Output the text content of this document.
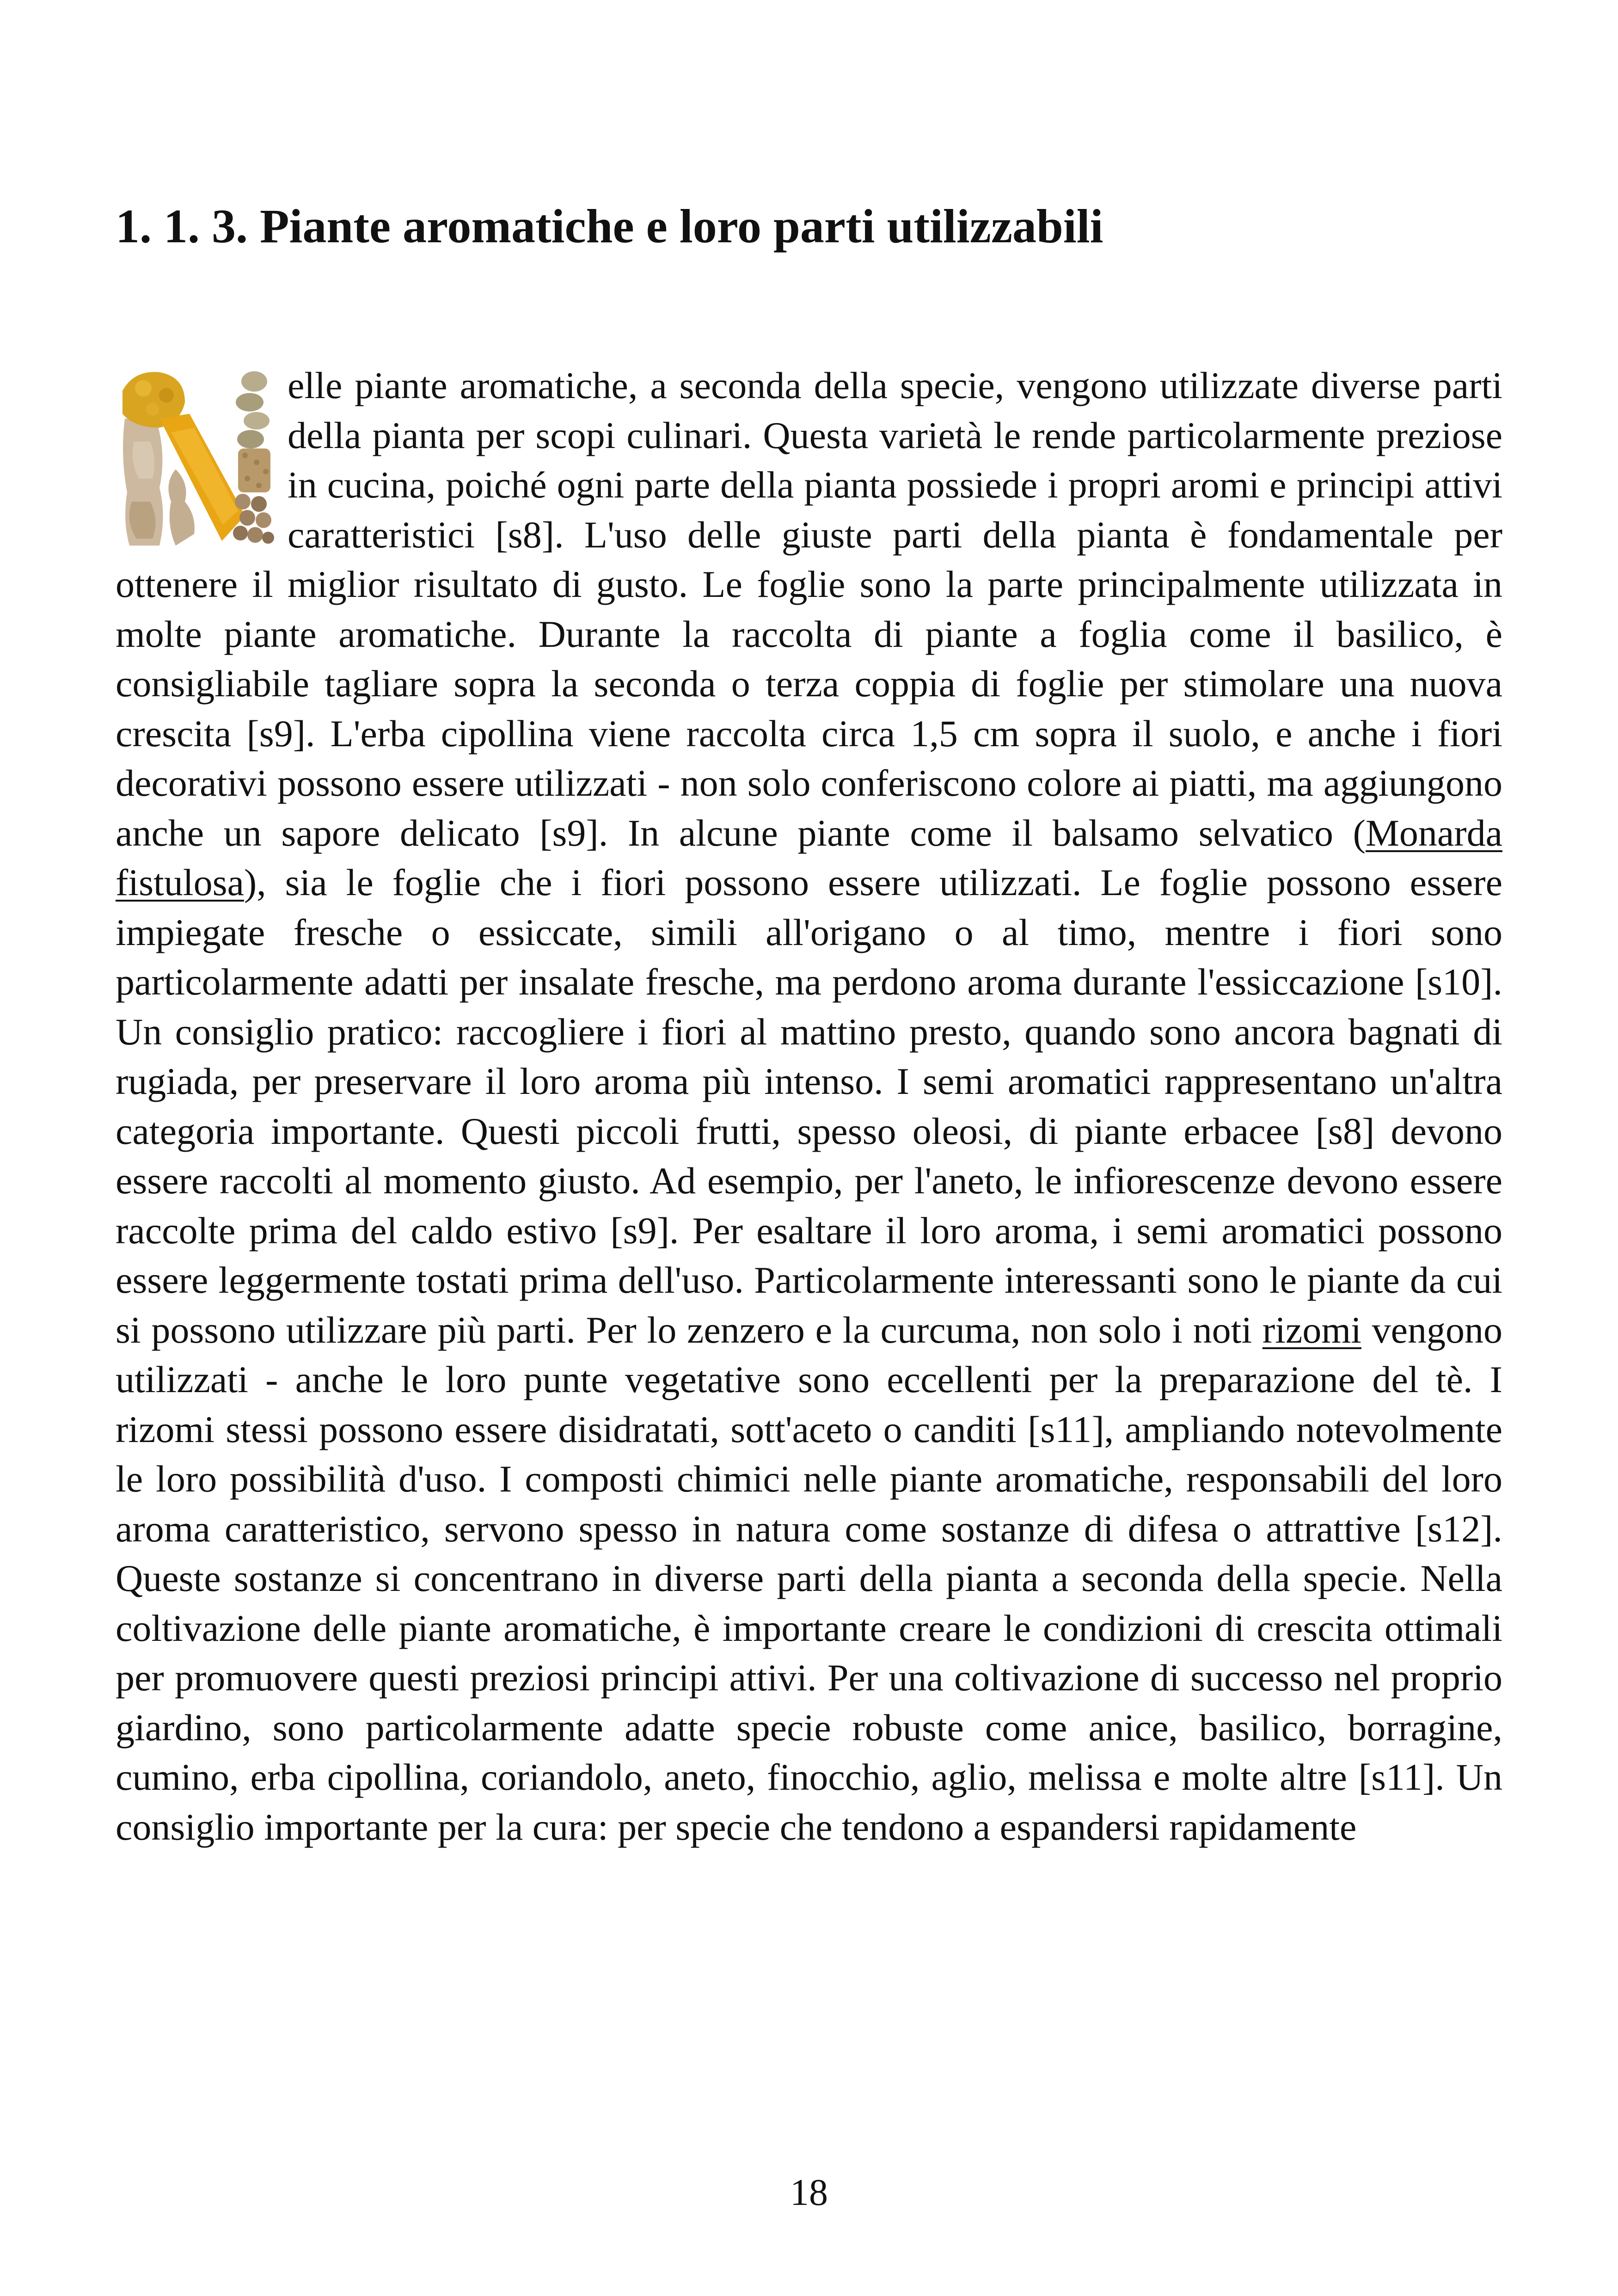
1. 1. 3. Piante aromatiche e loro parti utilizzabili
elle piante aromatiche, a seconda della specie, vengono utilizzate diverse parti della pianta per scopi culinari. Questa varietà le rende particolarmente preziose in cucina, poiché ogni parte della pianta possiede i propri aromi e principi attivi caratteristici [s8]. L'uso delle giuste parti della pianta è fondamentale per ottenere il miglior risultato di gusto. Le foglie sono la parte principalmente utilizzata in molte piante aromatiche. Durante la raccolta di piante a foglia come il basilico, è consigliabile tagliare sopra la seconda o terza coppia di foglie per stimolare una nuova crescita [s9]. L'erba cipollina viene raccolta circa 1,5 cm sopra il suolo, e anche i fiori decorativi possono essere utilizzati - non solo conferiscono colore ai piatti, ma aggiungono anche un sapore delicato [s9]. In alcune piante come il balsamo selvatico (Monarda fistulosa), sia le foglie che i fiori possono essere utilizzati. Le foglie possono essere impiegate fresche o essiccate, simili all'origano o al timo, mentre i fiori sono particolarmente adatti per insalate fresche, ma perdono aroma durante l'essiccazione [s10]. Un consiglio pratico: raccogliere i fiori al mattino presto, quando sono ancora bagnati di rugiada, per preservare il loro aroma più intenso. I semi aromatici rappresentano un'altra categoria importante. Questi piccoli frutti, spesso oleosi, di piante erbacee [s8] devono essere raccolti al momento giusto. Ad esempio, per l'aneto, le infiorescenze devono essere raccolte prima del caldo estivo [s9]. Per esaltare il loro aroma, i semi aromatici possono essere leggermente tostati prima dell'uso. Particolarmente interessanti sono le piante da cui si possono utilizzare più parti. Per lo zenzero e la curcuma, non solo i noti rizomi vengono utilizzati - anche le loro punte vegetative sono eccellenti per la preparazione del tè. I rizomi stessi possono essere disidratati, sott'aceto o canditi [s11], ampliando notevolmente le loro possibilità d'uso. I composti chimici nelle piante aromatiche, responsabili del loro aroma caratteristico, servono spesso in natura come sostanze di difesa o attrattive [s12]. Queste sostanze si concentrano in diverse parti della pianta a seconda della specie. Nella coltivazione delle piante aromatiche, è importante creare le condizioni di crescita ottimali per promuovere questi preziosi principi attivi. Per una coltivazione di successo nel proprio giardino, sono particolarmente adatte specie robuste come anice, basilico, borragine, cumino, erba cipollina, coriandolo, aneto, finocchio, aglio, melissa e molte altre [s11]. Un consiglio importante per la cura: per specie che tendono a espandersi rapidamente
18
